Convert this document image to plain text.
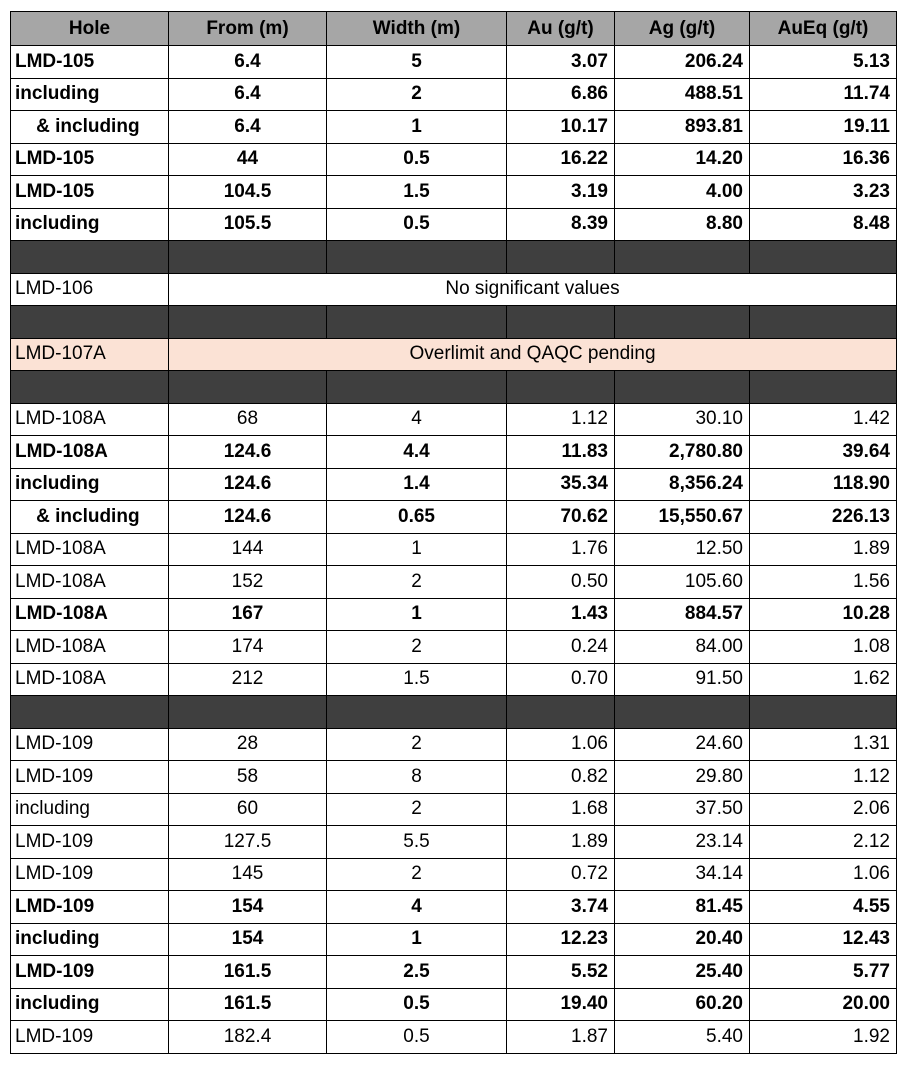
Hole	From (m)	Width (m)	Au (g/t)	Ag (g/t)	AuEq (g/t)
LMD-105	6.4	5	3.07	206.24	5.13
including	6.4	2	6.86	488.51	11.74
& including	6.4	1	10.17	893.81	19.11
LMD-105	44	0.5	16.22	14.20	16.36
LMD-105	104.5	1.5	3.19	4.00	3.23
including	105.5	0.5	8.39	8.80	8.48

LMD-106	No significant values				

LMD-107A	Overlimit and QAQC pending				

LMD-108A	68	4	1.12	30.10	1.42
LMD-108A	124.6	4.4	11.83	2,780.80	39.64
including	124.6	1.4	35.34	8,356.24	118.90
& including	124.6	0.65	70.62	15,550.67	226.13
LMD-108A	144	1	1.76	12.50	1.89
LMD-108A	152	2	0.50	105.60	1.56
LMD-108A	167	1	1.43	884.57	10.28
LMD-108A	174	2	0.24	84.00	1.08
LMD-108A	212	1.5	0.70	91.50	1.62

LMD-109	28	2	1.06	24.60	1.31
LMD-109	58	8	0.82	29.80	1.12
including	60	2	1.68	37.50	2.06
LMD-109	127.5	5.5	1.89	23.14	2.12
LMD-109	145	2	0.72	34.14	1.06
LMD-109	154	4	3.74	81.45	4.55
including	154	1	12.23	20.40	12.43
LMD-109	161.5	2.5	5.52	25.40	5.77
including	161.5	0.5	19.40	60.20	20.00
LMD-109	182.4	0.5	1.87	5.40	1.92
